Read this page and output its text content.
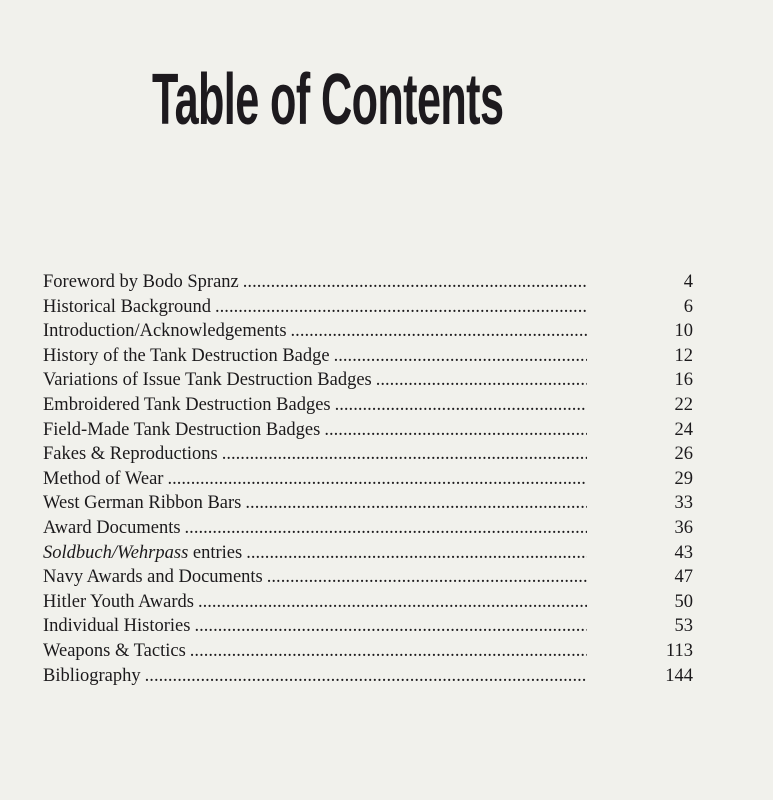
Table of Contents
Foreword by Bodo Spranz . . .	4
Historical Background . . .	6
Introduction/Acknowledgements . . .	10
History of the Tank Destruction Badge . . .	12
Variations of Issue Tank Destruction Badges . . .	16
Embroidered Tank Destruction Badges . . .	22
Field-Made Tank Destruction Badges . . .	24
Fakes & Reproductions . . .	26
Method of Wear . . .	29
West German Ribbon Bars . . .	33
Award Documents . . .	36
Soldbuch/Wehrpass entries . . .	43
Navy Awards and Documents . . .	47
Hitler Youth Awards . . .	50
Individual Histories . . .	53
Weapons & Tactics . . .	113
Bibliography . . .	144
